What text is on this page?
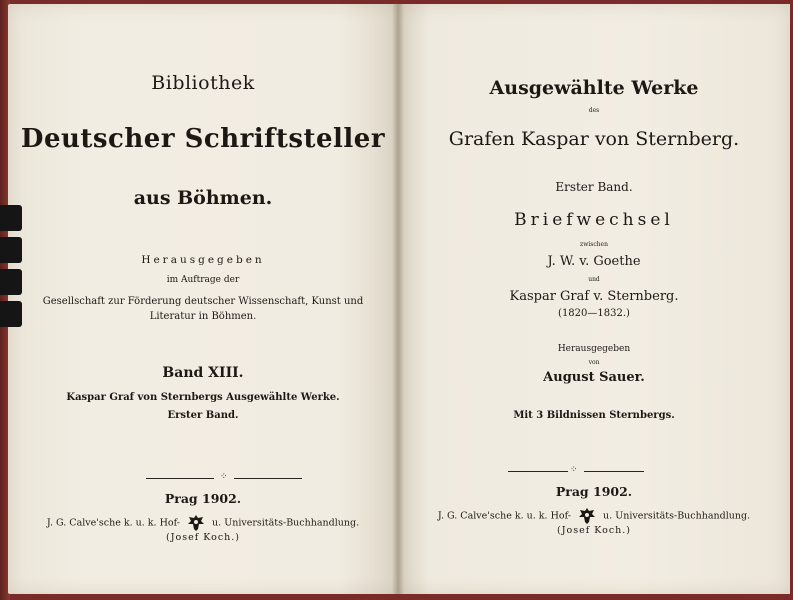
Bibliothek
Deutscher Schriftsteller
aus Böhmen.
Herausgegeben
im Auftrage der
Gesellschaft zur Förderung deutscher Wissenschaft, Kunst und
Literatur in Böhmen.
Band XIII.
Kaspar Graf von Sternbergs Ausgewählte Werke.
Erster Band.
⁘
Prag 1902.
J. G. Calve'sche k. u. k. Hof-	u. Universitäts-Buchhandlung.
(Josef Koch.)
Ausgewählte Werke
des
Grafen Kaspar von Sternberg.
Erster Band.
Briefwechsel
zwischen
J. W. v. Goethe
und
Kaspar Graf v. Sternberg.
(1820—1832.)
Herausgegeben
von
August Sauer.
Mit 3 Bildnissen Sternbergs.
⁘
Prag 1902.
J. G. Calve'sche k. u. k. Hof-	u. Universitäts-Buchhandlung.
(Josef Koch.)
